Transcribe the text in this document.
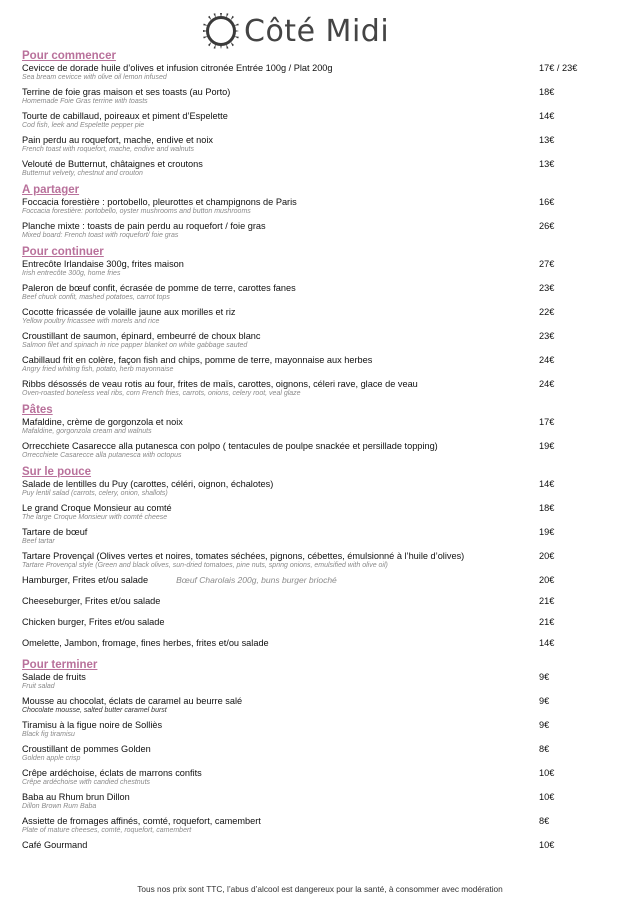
Côté Midi
Pour commencer
Cevicce de dorade huile d’olives et infusion citronée Entrée 100g / Plat 200g
Sea bream cevicce with olive oil lemon infused
17€ / 23€
Terrine de foie gras maison et ses toasts (au Porto)
Homemade Foie Gras terrine with toasts
18€
Tourte de cabillaud, poireaux et piment d’Espelette
Cod fish, leek and Espelette pepper pie
14€
Pain perdu au roquefort, mache, endive et noix
French toast with roquefort, mache, endive and walnuts
13€
Velouté de Butternut, châtaignes et croutons
Butternut velvety, chestnut and crouton
13€
A partager
Foccacia forestière : portobello, pleurottes et champignons de Paris
Foccacia forestière: portobello, oyster mushrooms and button mushrooms
16€
Planche mixte : toasts de pain perdu au roquefort / foie gras
Mixed board: French toast with roquefort/ foie gras
26€
Pour continuer
Entrecôte Irlandaise 300g, frites maison
Irish entrecôte 300g, home fries
27€
Paleron de bœuf confit, écrasée de pomme de terre, carottes fanes
Beef chuck confit, mashed potatoes, carrot tops
23€
Cocotte fricassée de volaille jaune aux morilles et riz
Yellow poultry fricassee with morels and rice
22€
Croustillant de saumon, épinard, embeurré de choux blanc
Salmon filet and spinach in rice papper blanket on white gabbage sauted
23€
Cabillaud frit en colère, façon fish and chips, pomme de terre, mayonnaise aux herbes
Angry fried whiting fish, potato, herb mayonnaise
24€
Ribbs désossés de veau rotis au four, frites de maïs, carottes, oignons, céleri rave, glace de veau
Oven-roasted boneless veal ribs, corn French fries, carrots, onions, celery root, veal glaze
24€
Pâtes
Mafaldine, crème de gorgonzola et noix
Mafaldine, gorgonzola cream and walnuts
17€
Orrecchiete Casarecce alla putanesca con polpo ( tentacules de poulpe snackée et persillade topping)
Orrecchiete Casarecce alla putanesca with octopus
19€
Sur le pouce
Salade de lentilles du Puy (carottes, céléri, oignon, échalotes)
Puy lentil salad (carrots, celery, onion, shallots)
14€
Le grand Croque Monsieur au comté
The large Croque Monsieur with comté cheese
18€
Tartare de bœuf
Beef tartar
19€
Tartare Provençal (Olives vertes et noires, tomates séchées, pignons, cébettes, émulsionné à l’huile d’olives)
Tartare Provençal style (Green and black olives, sun-dried tomatoes, pine nuts, spring onions, emulsified with olive oil)
20€
Hamburger, Frites et/ou salade	Bœuf Charolais 200g, buns burger brioché	20€
Cheeseburger, Frites et/ou salade	21€
Chicken burger, Frites et/ou salade	21€
Omelette, Jambon, fromage, fines herbes, frites et/ou salade	14€
Pour terminer
Salade de fruits
Fruit salad
9€
Mousse au chocolat, éclats de caramel au beurre salé
Chocolate mousse, salted butter caramel burst
9€
Tiramisu à la figue noire de Solliès
Black fig tiramisu
9€
Croustillant de pommes Golden
Golden apple crisp
8€
Crêpe ardéchoise, éclats de marrons confits
Crêpe ardéchoise with candied chestnuts
10€
Baba au Rhum brun Dillon
Dillon Brown Rum Baba
10€
Assiette de fromages affinés, comté, roquefort, camembert
Plate of mature cheeses, comté, roquefort, camembert
8€
Café Gourmand	10€
Tous nos prix sont TTC, l’abus d’alcool est dangereux pour la santé, à consommer avec modération
